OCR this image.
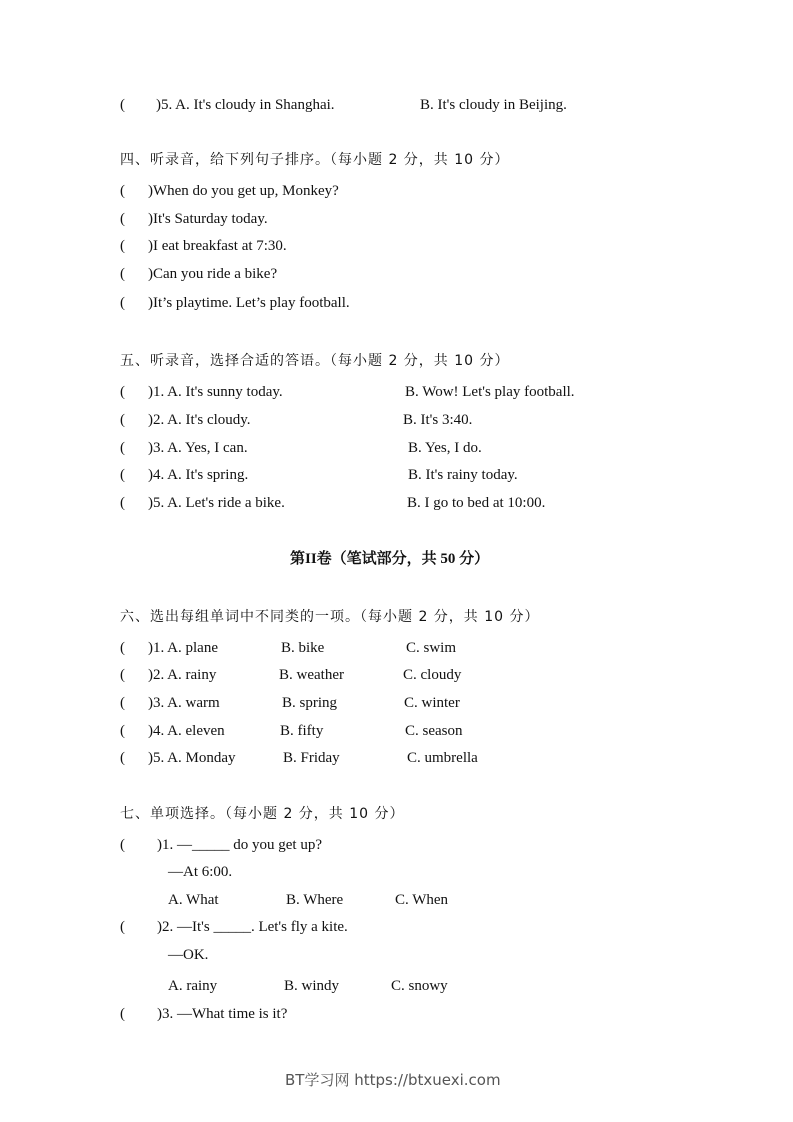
( )5. A. It's cloudy in Shanghai.	B. It's cloudy in Beijing.
四、听录音，给下列句子排序。（每小题 2 分，共 10 分）
( )When do you get up, Monkey?
( )It's Saturday today.
( )I eat breakfast at 7:30.
( )Can you ride a bike?
( )It’s playtime. Let’s play football.
五、听录音，选择合适的答语。（每小题 2 分，共 10 分）
( )1. A. It's sunny today.	B. Wow! Let's play football.
( )2. A. It's cloudy.	B. It's 3:40.
( )3. A. Yes, I can.	B. Yes, I do.
( )4. A. It's spring.	B. It's rainy today.
( )5. A. Let's ride a bike.	B. I go to bed at 10:00.
第II卷（笔试部分，共 50 分）
六、选出每组单词中不同类的一项。（每小题 2 分，共 10 分）
( )1. A. plane	B. bike	C. swim
( )2. A. rainy	B. weather	C. cloudy
( )3. A. warm	B. spring	C. winter
( )4. A. eleven	B. fifty	C. season
( )5. A. Monday	B. Friday	C. umbrella
七、单项选择。（每小题 2 分，共 10 分）
( )1. —_____ do you get up?
—At 6:00.
A. What	B. Where	C. When
( )2. —It's _____. Let's fly a kite.
—OK.
A. rainy	B. windy	C. snowy
( )3. —What time is it?
BT学习网 https://btxuexi.com
